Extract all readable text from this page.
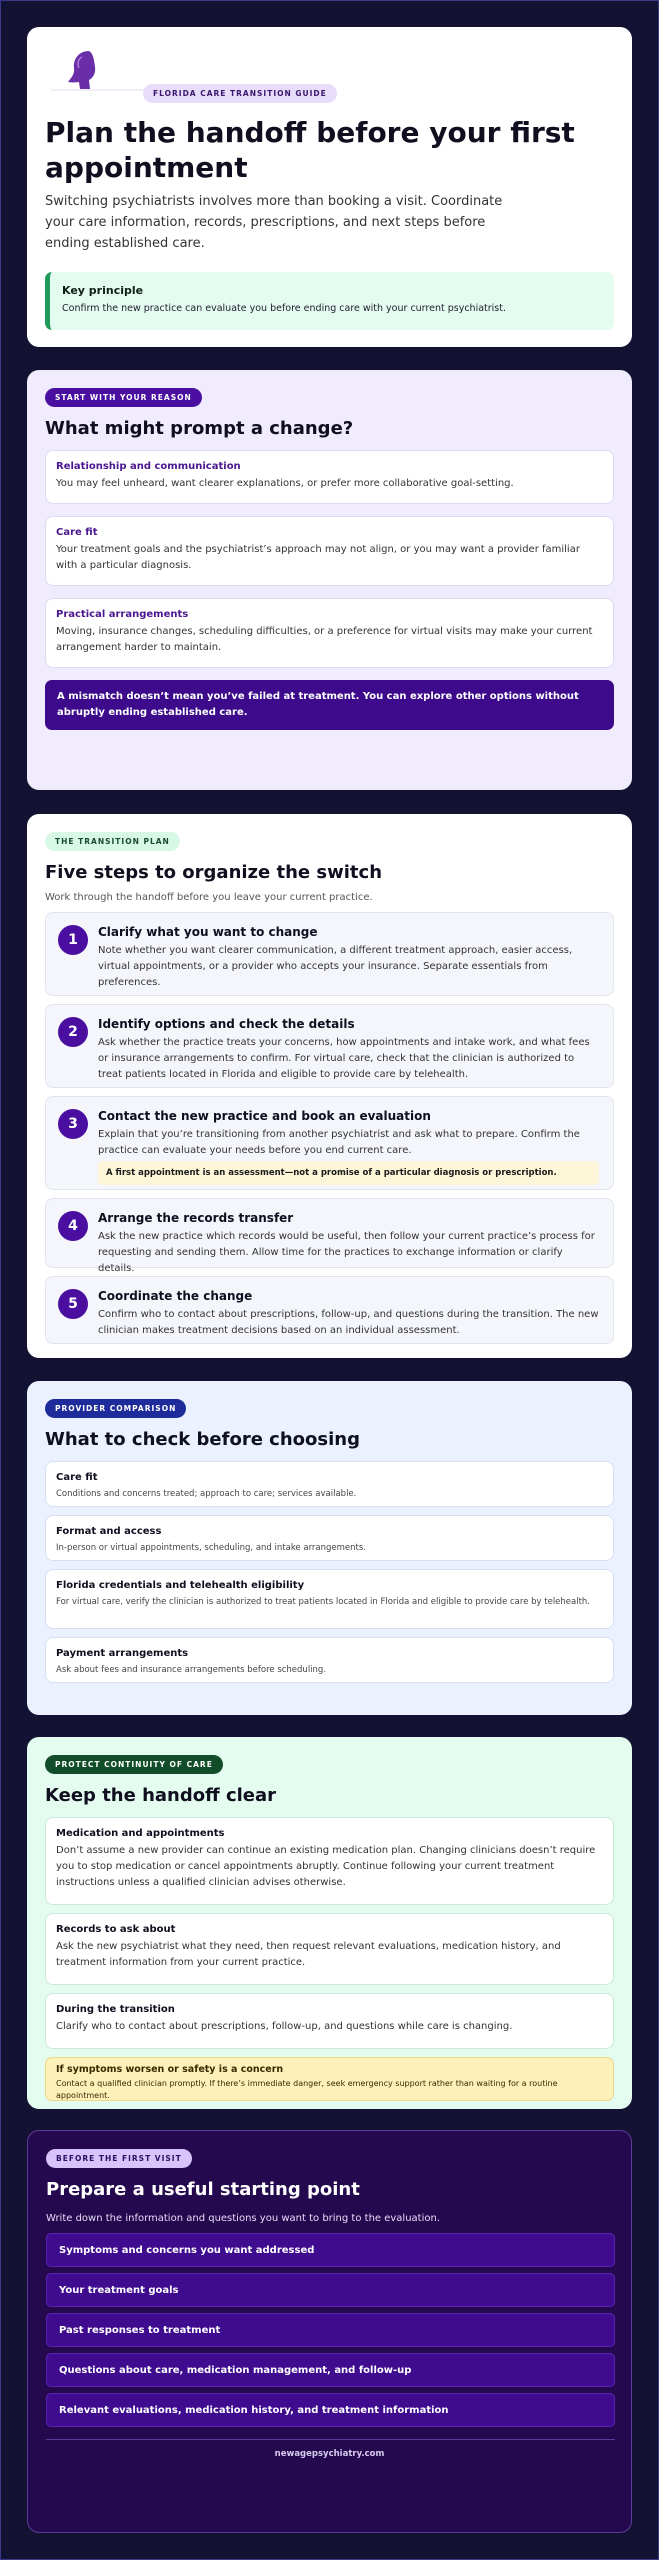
FLORIDA CARE TRANSITION GUIDE
Plan the handoff before your first
appointment

Switching psychiatrists involves more than booking a visit. Coordinate your care information, records, prescriptions, and next steps before ending established care.

Key principle
Confirm the new practice can evaluate you before ending care with your current psychiatrist.
START WITH YOUR REASON
What might prompt a change?
Relationship and communication
You may feel unheard, want clearer explanations, or prefer more collaborative goal-setting.
Care fit
Your treatment goals and the psychiatrist’s approach may not align, or you may want a provider familiar with a particular diagnosis.
Practical arrangements
Moving, insurance changes, scheduling difficulties, or a preference for virtual visits may make your current arrangement harder to maintain.
A mismatch doesn’t mean you’ve failed at treatment. You can explore other options without abruptly ending established care.
THE TRANSITION PLAN
Five steps to organize the switch

Work through the handoff before you leave your current practice.

1	Clarify what you want to change
Note whether you want clearer communication, a different treatment approach, easier access, virtual appointments, or a provider who accepts your insurance. Separate essentials from preferences.
2	Identify options and check the details
Ask whether the practice treats your concerns, how appointments and intake work, and what fees or insurance arrangements to confirm. For virtual care, check that the clinician is authorized to treat patients located in Florida and eligible to provide care by telehealth.
3	Contact the new practice and book an evaluation
Explain that you’re transitioning from another psychiatrist and ask what to prepare. Confirm the practice can evaluate your needs before you end current care.
A first appointment is an assessment—not a promise of a particular diagnosis or prescription.
4	Arrange the records transfer
Ask the new practice which records would be useful, then follow your current practice’s process for requesting and sending them. Allow time for the practices to exchange information or clarify details.
5	Coordinate the change
Confirm who to contact about prescriptions, follow-up, and questions during the transition. The new clinician makes treatment decisions based on an individual assessment.
PROVIDER COMPARISON
What to check before choosing
Care fit
Conditions and concerns treated; approach to care; services available.
Format and access
In-person or virtual appointments, scheduling, and intake arrangements.
Florida credentials and telehealth eligibility
For virtual care, verify the clinician is authorized to treat patients located in Florida and eligible to provide care by telehealth.
Payment arrangements
Ask about fees and insurance arrangements before scheduling.
PROTECT CONTINUITY OF CARE
Keep the handoff clear
Medication and appointments
Don’t assume a new provider can continue an existing medication plan. Changing clinicians doesn’t require you to stop medication or cancel appointments abruptly. Continue following your current treatment instructions unless a qualified clinician advises otherwise.
Records to ask about
Ask the new psychiatrist what they need, then request relevant evaluations, medication history, and treatment information from your current practice.
During the transition
Clarify who to contact about prescriptions, follow-up, and questions while care is changing.
If symptoms worsen or safety is a concern
Contact a qualified clinician promptly. If there’s immediate danger, seek emergency support rather than waiting for a routine appointment.
BEFORE THE FIRST VISIT
Prepare a useful starting point

Write down the information and questions you want to bring to the evaluation.

Symptoms and concerns you want addressed
Your treatment goals
Past responses to treatment
Questions about care, medication management, and follow-up
Relevant evaluations, medication history, and treatment information
newagepsychiatry.com
